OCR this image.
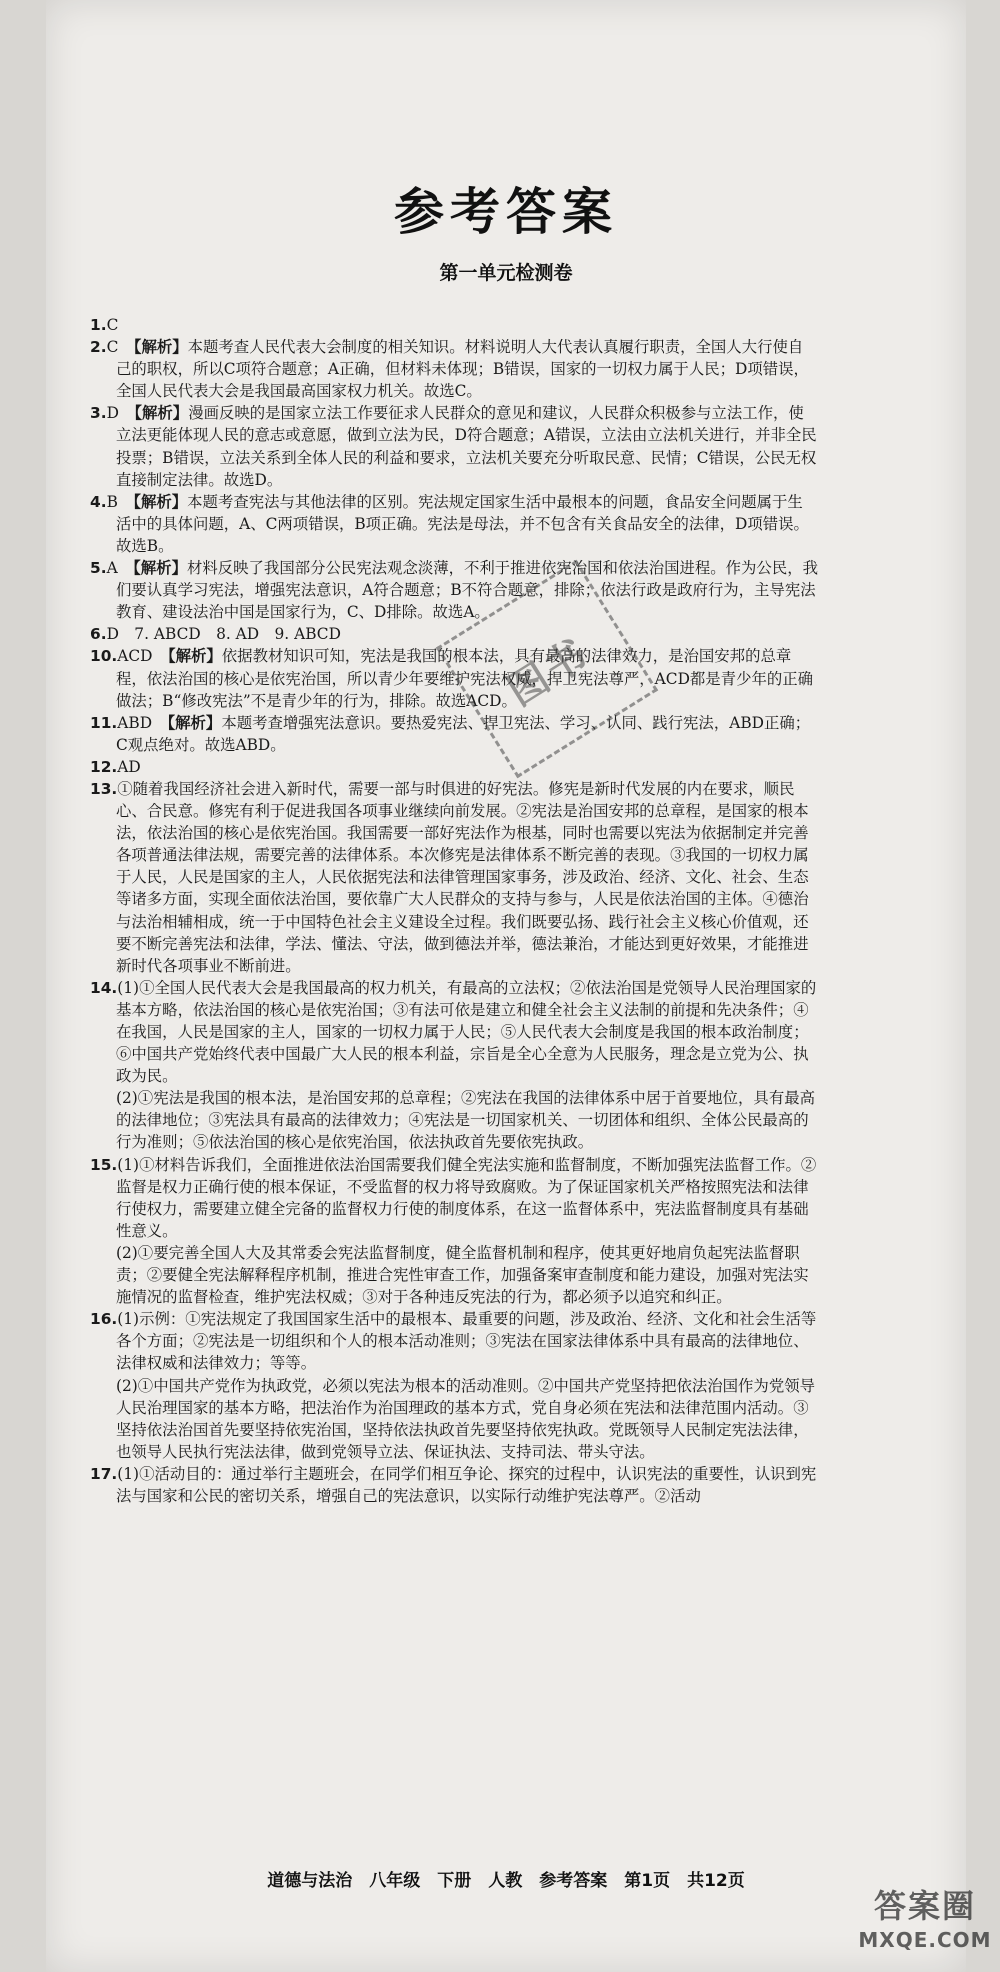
参考答案
第一单元检测卷

1.C

2.C　 【解析】本题考查人民代表大会制度的相关知识。材料说明人大代表认真履行职责，全国人大行使自己的职权，所以C项符合题意；A正确，但材料未体现；B错误，国家的一切权力属于人民；D项错误，全国人民代表大会是我国最高国家权力机关。故选C。

3.D　 【解析】漫画反映的是国家立法工作要征求人民群众的意见和建议，人民群众积极参与立法工作，使立法更能体现人民的意志或意愿，做到立法为民，D符合题意；A错误，立法由立法机关进行，并非全民投票；B错误，立法关系到全体人民的利益和要求，立法机关要充分听取民意、民情；C错误，公民无权直接制定法律。故选D。

4.B　 【解析】本题考查宪法与其他法律的区别。宪法规定国家生活中最根本的问题，食品安全问题属于生活中的具体问题，A、C两项错误，B项正确。宪法是母法，并不包含有关食品安全的法律，D项错误。故选B。

5.A　 【解析】材料反映了我国部分公民宪法观念淡薄，不利于推进依宪治国和依法治国进程。作为公民，我们要认真学习宪法，增强宪法意识，A符合题意；B不符合题意，排除；依法行政是政府行为，主导宪法教育、建设法治中国是国家行为，C、D排除。故选A。

6.D　7. ABCD　8. AD　9. ABCD

10.ACD　 【解析】依据教材知识可知，宪法是我国的根本法，具有最高的法律效力，是治国安邦的总章程，依法治国的核心是依宪治国，所以青少年要维护宪法权威，捍卫宪法尊严，ACD都是青少年的正确做法；B“修改宪法”不是青少年的行为，排除。故选ACD。

11.ABD　 【解析】本题考查增强宪法意识。要热爱宪法、捍卫宪法、学习、认同、践行宪法，ABD正确；C观点绝对。故选ABD。

12.AD

13.①随着我国经济社会进入新时代，需要一部与时俱进的好宪法。修宪是新时代发展的内在要求，顺民心、合民意。修宪有利于促进我国各项事业继续向前发展。②宪法是治国安邦的总章程，是国家的根本法，依法治国的核心是依宪治国。我国需要一部好宪法作为根基，同时也需要以宪法为依据制定并完善各项普通法律法规，需要完善的法律体系。本次修宪是法律体系不断完善的表现。③我国的一切权力属于人民，人民是国家的主人，人民依据宪法和法律管理国家事务，涉及政治、经济、文化、社会、生态等诸多方面，实现全面依法治国，要依靠广大人民群众的支持与参与，人民是依法治国的主体。④德治与法治相辅相成，统一于中国特色社会主义建设全过程。我们既要弘扬、践行社会主义核心价值观，还要不断完善宪法和法律，学法、懂法、守法，做到德法并举，德法兼治，才能达到更好效果，才能推进新时代各项事业不断前进。

14.(1)①全国人民代表大会是我国最高的权力机关，有最高的立法权；②依法治国是党领导人民治理国家的基本方略，依法治国的核心是依宪治国；③有法可依是建立和健全社会主义法制的前提和先决条件；④在我国，人民是国家的主人，国家的一切权力属于人民；⑤人民代表大会制度是我国的根本政治制度；⑥中国共产党始终代表中国最广大人民的根本利益，宗旨是全心全意为人民服务，理念是立党为公、执政为民。

(2)①宪法是我国的根本法，是治国安邦的总章程；②宪法在我国的法律体系中居于首要地位，具有最高的法律地位；③宪法具有最高的法律效力；④宪法是一切国家机关、一切团体和组织、全体公民最高的行为准则；⑤依法治国的核心是依宪治国，依法执政首先要依宪执政。

15.(1)①材料告诉我们，全面推进依法治国需要我们健全宪法实施和监督制度，不断加强宪法监督工作。②监督是权力正确行使的根本保证，不受监督的权力将导致腐败。为了保证国家机关严格按照宪法和法律行使权力，需要建立健全完备的监督权力行使的制度体系，在这一监督体系中，宪法监督制度具有基础性意义。

(2)①要完善全国人大及其常委会宪法监督制度，健全监督机制和程序，使其更好地肩负起宪法监督职责；②要健全宪法解释程序机制，推进合宪性审查工作，加强备案审查制度和能力建设，加强对宪法实施情况的监督检查，维护宪法权威；③对于各种违反宪法的行为，都必须予以追究和纠正。

16.(1)示例：①宪法规定了我国国家生活中的最根本、最重要的问题，涉及政治、经济、文化和社会生活等各个方面；②宪法是一切组织和个人的根本活动准则；③宪法在国家法律体系中具有最高的法律地位、法律权威和法律效力；等等。

(2)①中国共产党作为执政党，必须以宪法为根本的活动准则。②中国共产党坚持把依法治国作为党领导人民治理国家的基本方略，把法治作为治国理政的基本方式，党自身必须在宪法和法律范围内活动。③坚持依法治国首先要坚持依宪治国，坚持依法执政首先要坚持依宪执政。党既领导人民制定宪法法律，也领导人民执行宪法法律，做到党领导立法、保证执法、支持司法、带头守法。

17.(1)①活动目的：通过举行主题班会，在同学们相互争论、探究的过程中，认识宪法的重要性，认识到宪法与国家和公民的密切关系，增强自己的宪法意识，以实际行动维护宪法尊严。②活动

图书
道德与法治　八年级　下册　人教　参考答案　第1页　共12页
答案圈
MXQE.COM
